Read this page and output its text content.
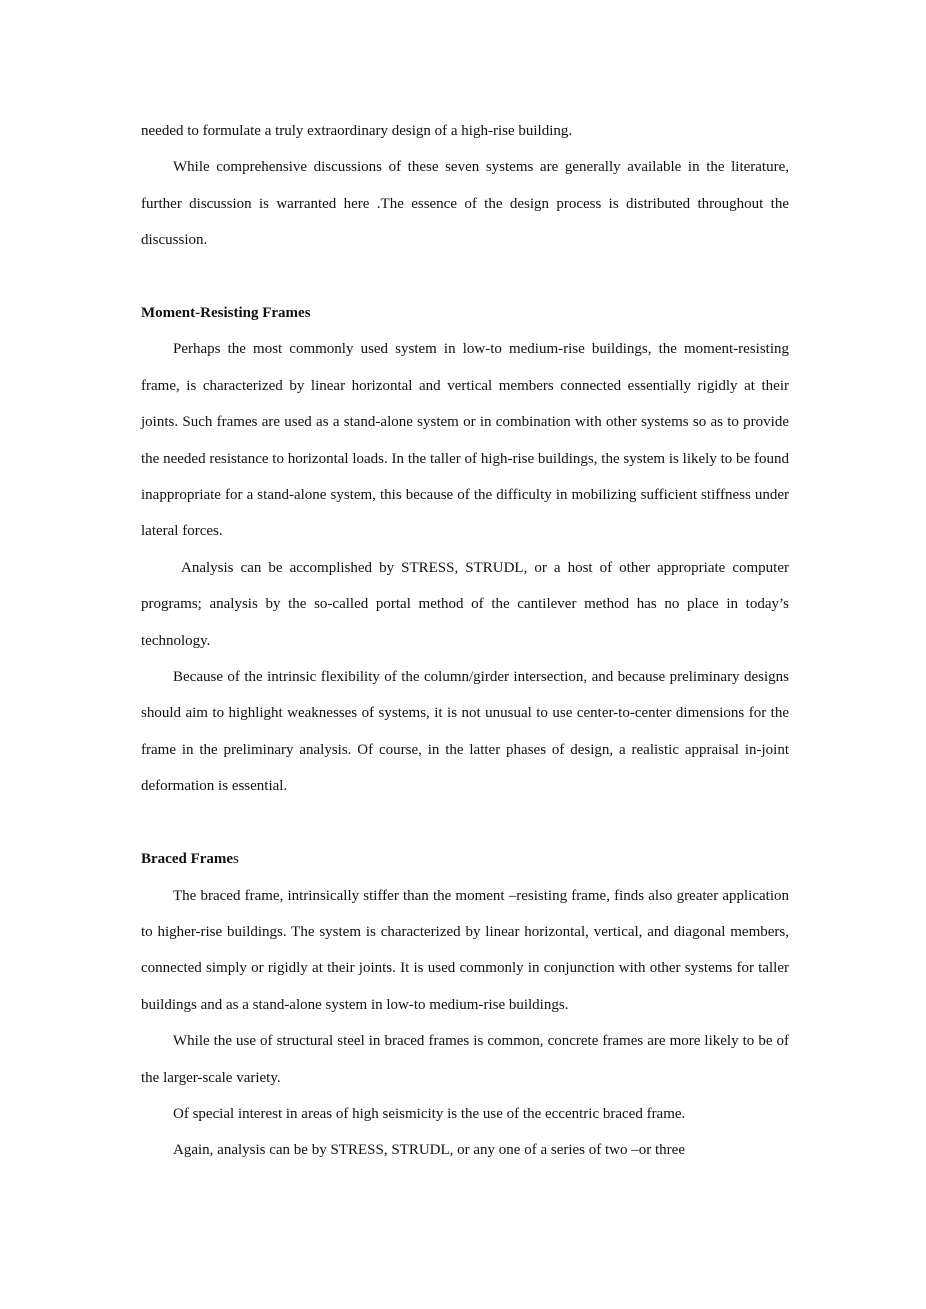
needed to formulate a truly extraordinary design of a high-rise building.

While comprehensive discussions of these seven systems are generally available in the literature, further discussion is warranted here .The essence of the design process is distributed throughout the discussion.

Moment-Resisting Frames

Perhaps the most commonly used system in low-to medium-rise buildings, the moment-resisting frame, is characterized by linear horizontal and vertical members connected essentially rigidly at their joints. Such frames are used as a stand-alone system or in combination with other systems so as to provide the needed resistance to horizontal loads. In the taller of high-rise buildings, the system is likely to be found inappropriate for a stand-alone system, this because of the difficulty in mobilizing sufficient stiffness under lateral forces.

Analysis can be accomplished by STRESS, STRUDL, or a host of other appropriate computer programs; analysis by the so-called portal method of the cantilever method has no place in today’s technology.

Because of the intrinsic flexibility of the column/girder intersection, and because preliminary designs should aim to highlight weaknesses of systems, it is not unusual to use center-to-center dimensions for the frame in the preliminary analysis. Of course, in the latter phases of design, a realistic appraisal in-joint deformation is essential.

Braced Frames

The braced frame, intrinsically stiffer than the moment –resisting frame, finds also greater application to higher-rise buildings. The system is characterized by linear horizontal, vertical, and diagonal members, connected simply or rigidly at their joints. It is used commonly in conjunction with other systems for taller buildings and as a stand-alone system in low-to medium-rise buildings.

While the use of structural steel in braced frames is common, concrete frames are more likely to be of the larger-scale variety.

Of special interest in areas of high seismicity is the use of the eccentric braced frame.

Again, analysis can be by STRESS, STRUDL, or any one of a series of two –or three
